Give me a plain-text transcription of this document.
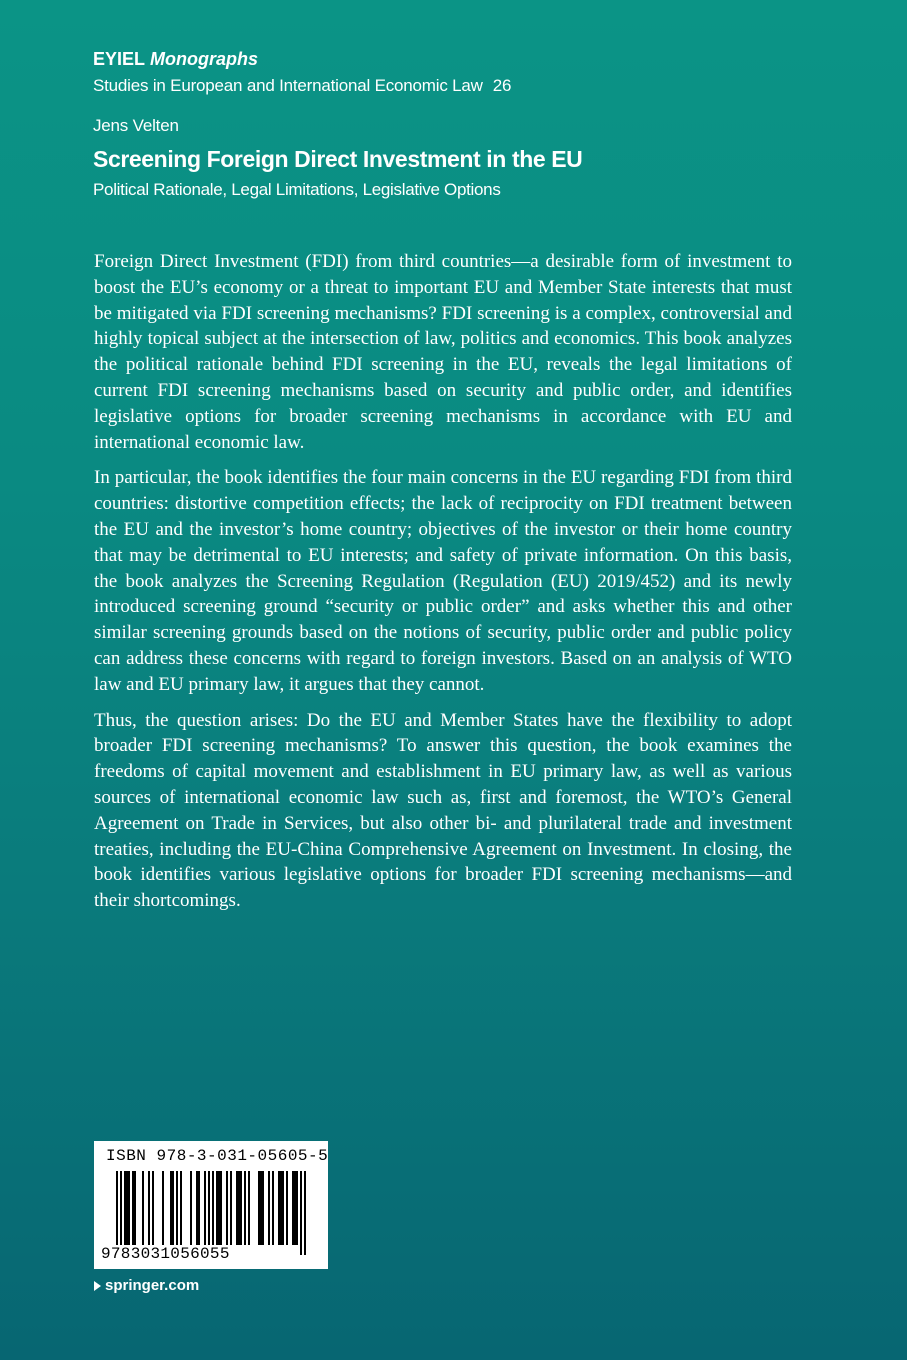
EYIEL Monographs

Studies in European and International Economic Law 26

Jens Velten

Screening Foreign Direct Investment in the EU

Political Rationale, Legal Limitations, Legislative Options

Foreign Direct Investment (FDI) from third countries—a desirable form of investment to boost the EU’s economy or a threat to important EU and Member State interests that must be mitigated via FDI screening mechanisms? FDI screening is a complex, controversial and highly topical subject at the intersection of law, politics and economics. This book analyzes the political rationale behind FDI screening in the EU, reveals the legal limitations of current FDI screening mechanisms based on security and public order, and identifies legislative options for broader screening mechanisms in accordance with EU and international economic law.

In particular, the book identifies the four main concerns in the EU regarding FDI from third countries: distortive competition effects; the lack of reciprocity on FDI treatment between the EU and the investor’s home country; objectives of the investor or their home country that may be detrimental to EU interests; and safety of private information. On this basis, the book analyzes the Screening Regulation (Regulation (EU) 2019/452) and its newly introduced screening ground “security or public order” and asks whether this and other similar screening grounds based on the notions of security, public order and public policy can address these concerns with regard to foreign investors. Based on an analysis of WTO law and EU primary law, it argues that they cannot.

Thus, the question arises: Do the EU and Member States have the flexibility to adopt broader FDI screening mechanisms? To answer this question, the book examines the freedoms of capital movement and establishment in EU primary law, as well as various sources of international economic law such as, first and foremost, the WTO’s General Agreement on Trade in Services, but also other bi- and plurilateral trade and investment treaties, including the EU-China Comprehensive Agreement on Investment. In closing, the book identifies various legislative options for broader FDI screening mechanisms—and their shortcomings.

ISBN 978-3-031-05605-5

9783031056055

springer.com
